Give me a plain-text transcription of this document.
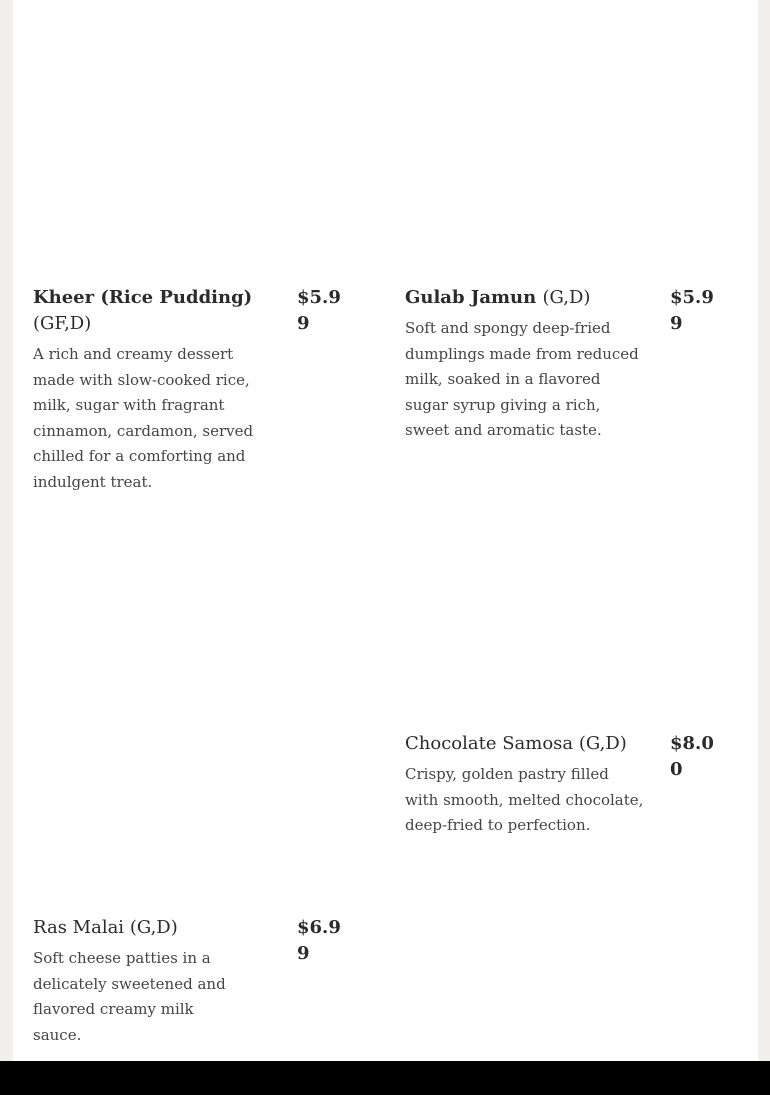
Kheer (Rice Pudding) (GF,D)

A rich and creamy dessert made with slow-cooked rice, milk, sugar with fragrant cinnamon, cardamon, served chilled for a comforting and indulgent treat.

$5.99

Gulab Jamun (G,D)

Soft and spongy deep-fried dumplings made from reduced milk, soaked in a flavored sugar syrup giving a rich, sweet and aromatic taste.

$5.99

Chocolate Samosa (G,D)

Crispy, golden pastry filled with smooth, melted chocolate, deep-fried to perfection.

$8.00

Ras Malai (G,D)

Soft cheese patties in a delicately sweetened and flavored creamy milk sauce.

$6.99
